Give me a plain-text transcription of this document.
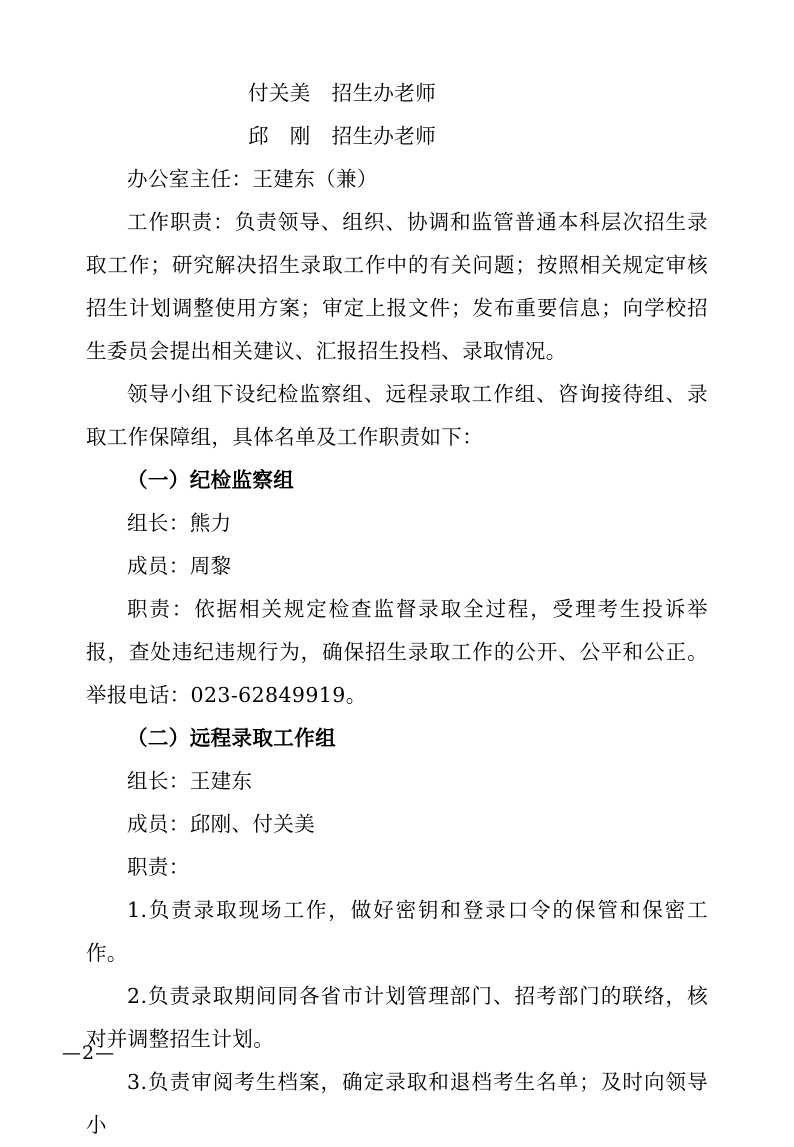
付关美　招生办老师
邱　刚　招生办老师

办公室主任：王建东（兼）

工作职责：负责领导、组织、协调和监管普通本科层次招生录取工作；研究解决招生录取工作中的有关问题；按照相关规定审核招生计划调整使用方案；审定上报文件；发布重要信息；向学校招生委员会提出相关建议、汇报招生投档、录取情况。

领导小组下设纪检监察组、远程录取工作组、咨询接待组、录取工作保障组，具体名单及工作职责如下：

（一）纪检监察组

组长：熊力

成员：周黎

职责：依据相关规定检查监督录取全过程，受理考生投诉举报，查处违纪违规行为，确保招生录取工作的公开、公平和公正。举报电话：023-62849919。

（二）远程录取工作组

组长：王建东

成员：邱刚、付关美

职责：

1.负责录取现场工作，做好密钥和登录口令的保管和保密工作。

2.负责录取期间同各省市计划管理部门、招考部门的联络，核对并调整招生计划。

3.负责审阅考生档案，确定录取和退档考生名单；及时向领导小

—2—
